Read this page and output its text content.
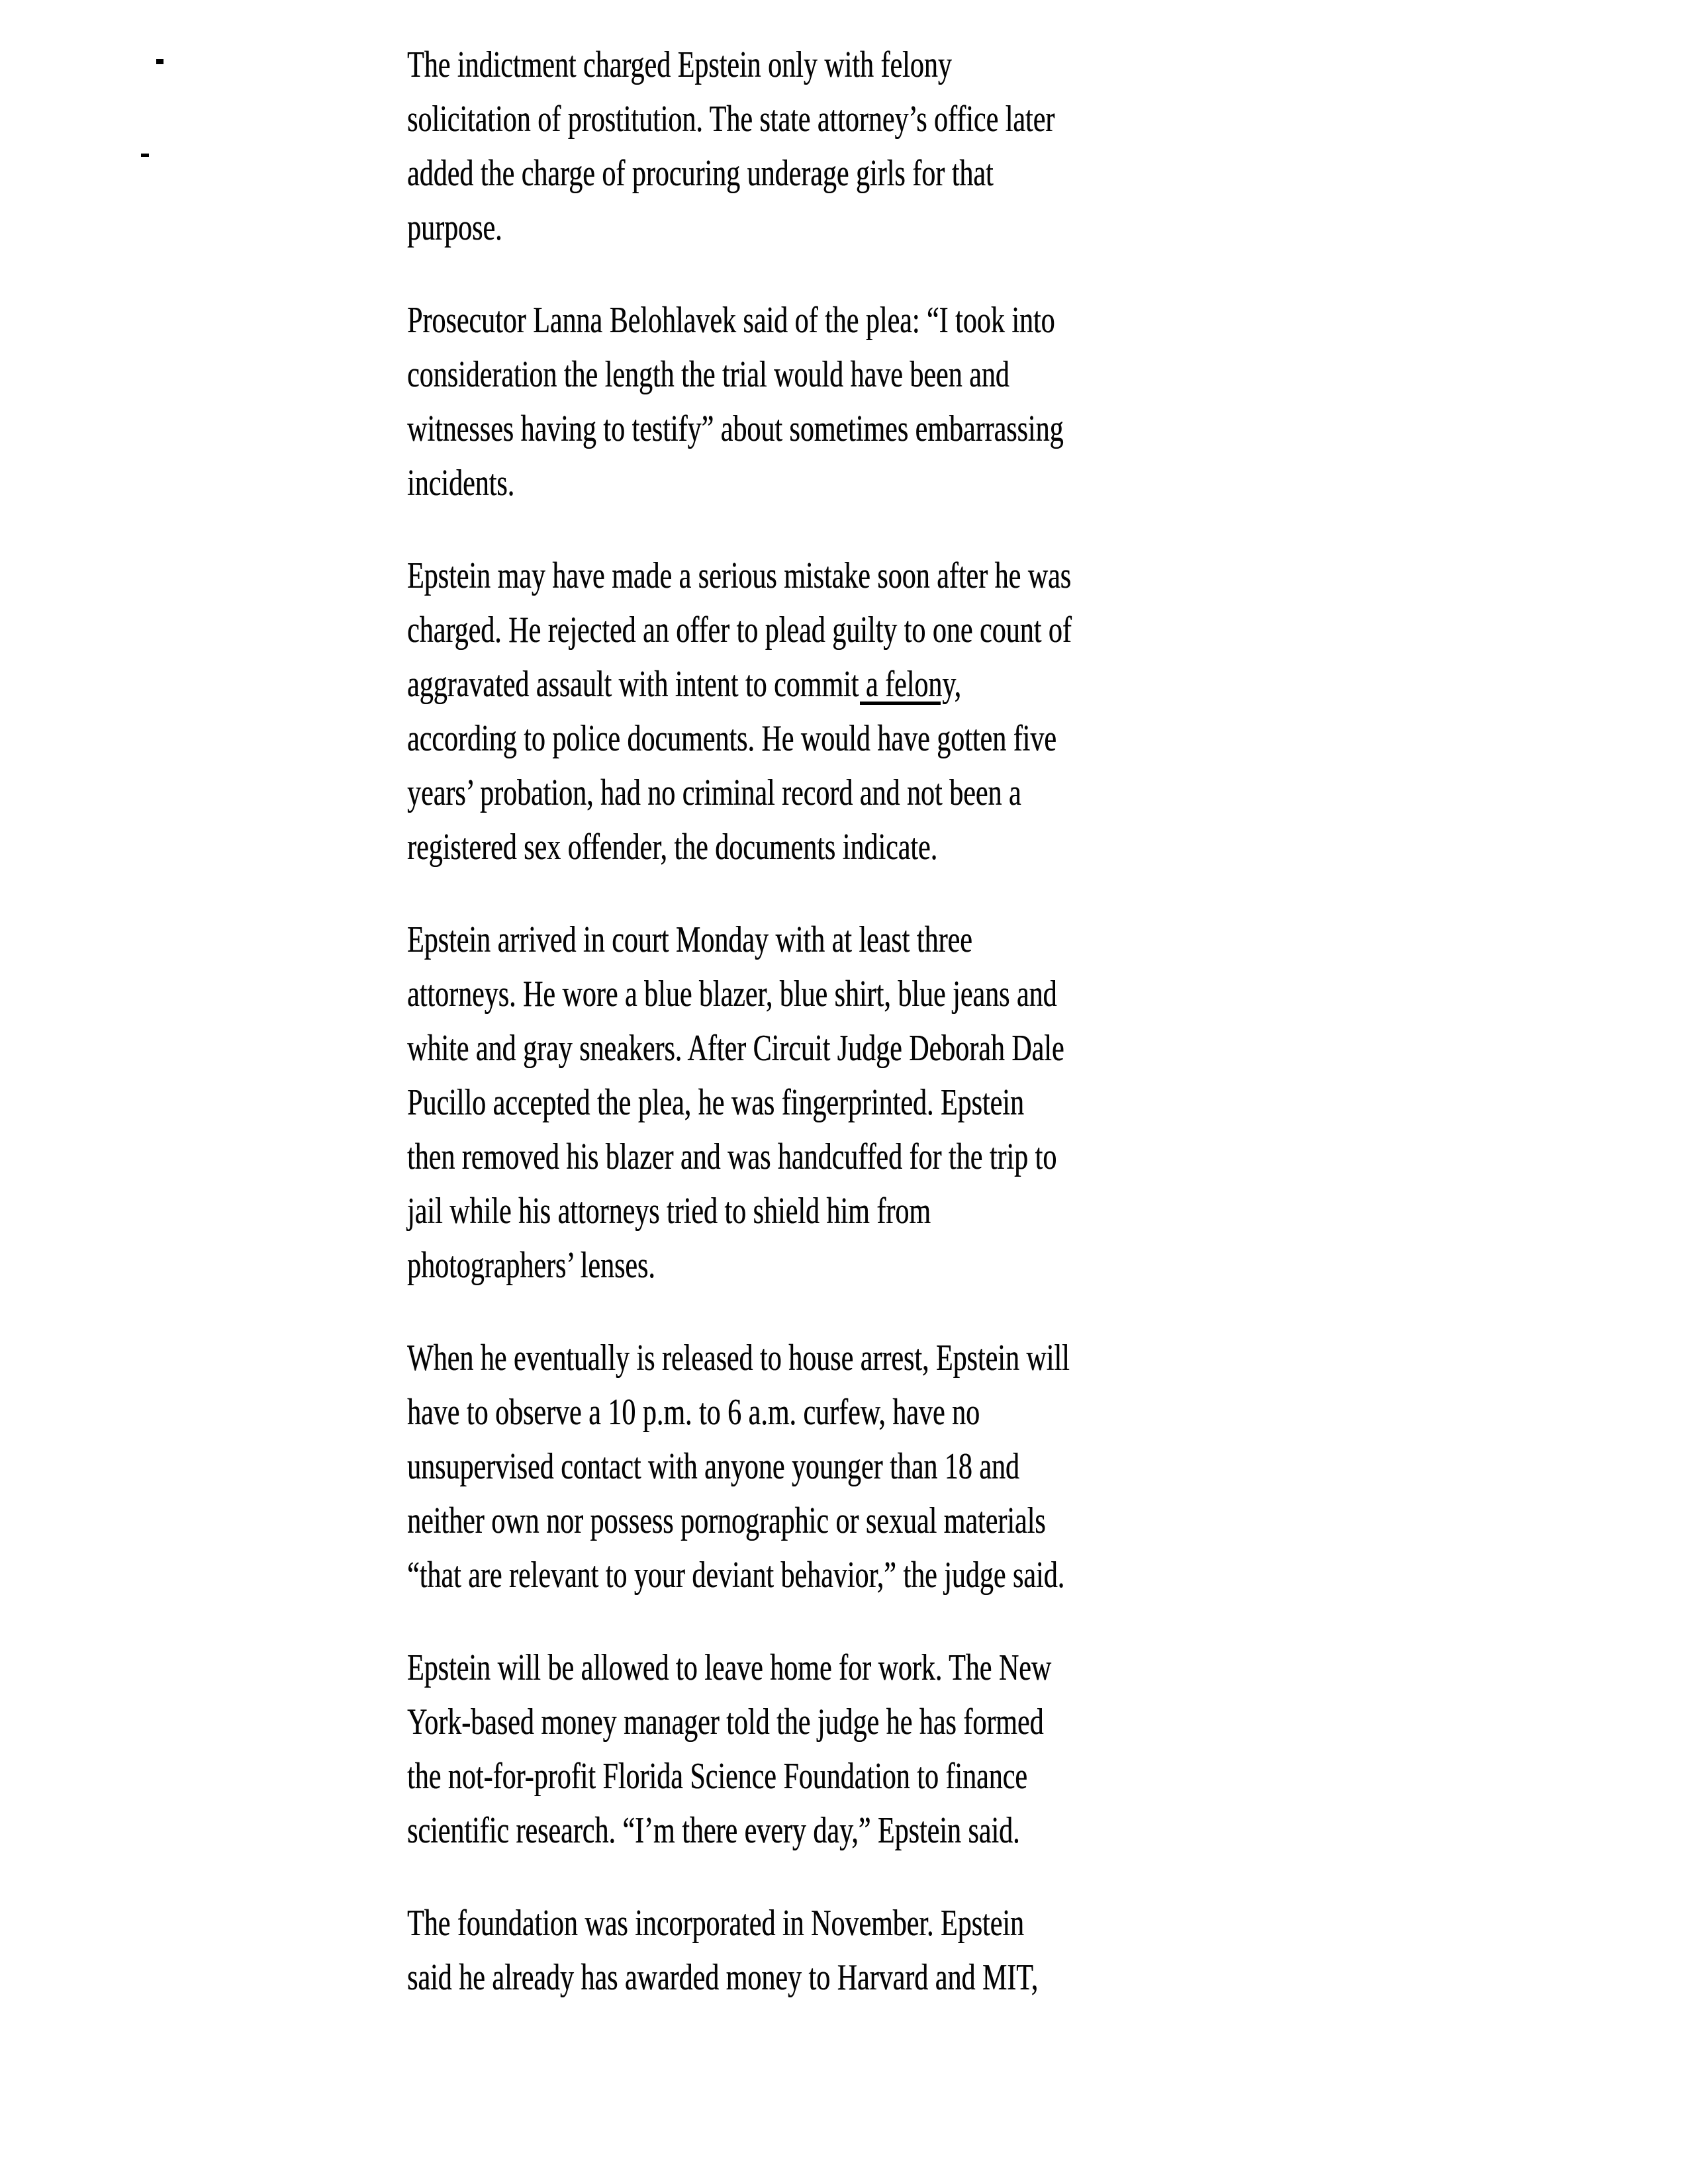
The indictment charged Epstein only with felony
solicitation of prostitution. The state attorney’s office later
added the charge of procuring underage girls for that
purpose.

Prosecutor Lanna Belohlavek said of the plea: “I took into
consideration the length the trial would have been and
witnesses having to testify” about sometimes embarrassing
incidents.

Epstein may have made a serious mistake soon after he was
charged. He rejected an offer to plead guilty to one count of
aggravated assault with intent to commit a felony,
according to police documents. He would have gotten five
years’ probation, had no criminal record and not been a
registered sex offender, the documents indicate.

Epstein arrived in court Monday with at least three
attorneys. He wore a blue blazer, blue shirt, blue jeans and
white and gray sneakers. After Circuit Judge Deborah Dale
Pucillo accepted the plea, he was fingerprinted. Epstein
then removed his blazer and was handcuffed for the trip to
jail while his attorneys tried to shield him from
photographers’ lenses.

When he eventually is released to house arrest, Epstein will
have to observe a 10 p.m. to 6 a.m. curfew, have no
unsupervised contact with anyone younger than 18 and
neither own nor possess pornographic or sexual materials
“that are relevant to your deviant behavior,” the judge said.

Epstein will be allowed to leave home for work. The New
York-based money manager told the judge he has formed
the not-for-profit Florida Science Foundation to finance
scientific research. “I’m there every day,” Epstein said.

The foundation was incorporated in November. Epstein
said he already has awarded money to Harvard and MIT,
